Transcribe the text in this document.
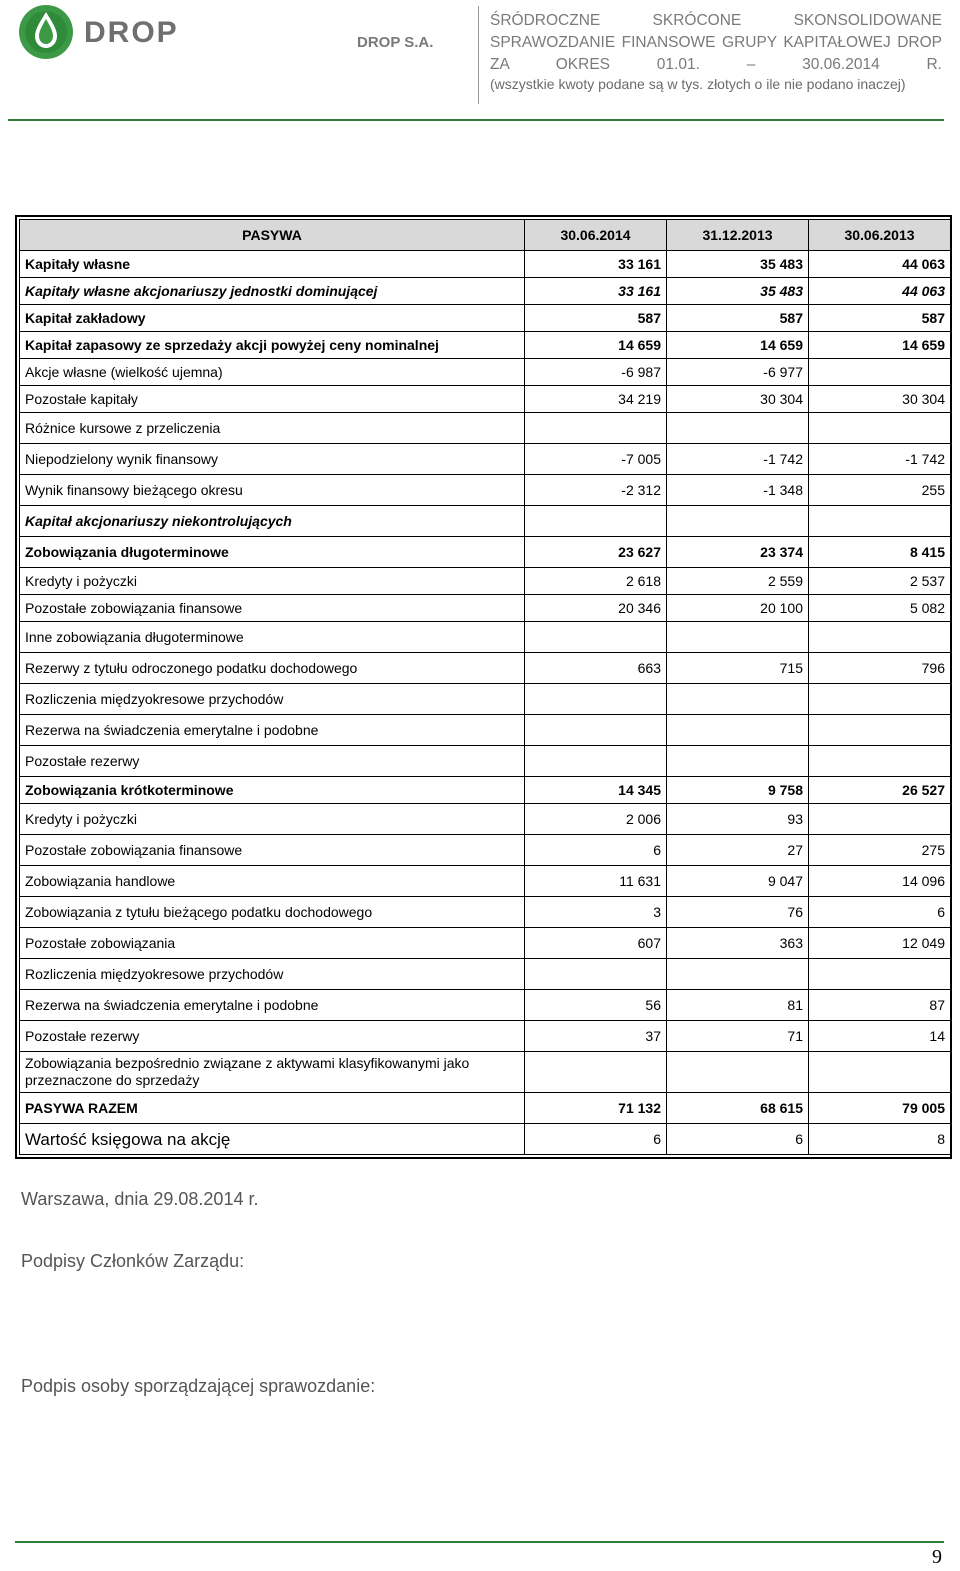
DROP	DROP S.A.
ŚRÓDROCZNE SKRÓCONE SKONSOLIDOWANE
SPRAWOZDANIE FINANSOWE GRUPY KAPITAŁOWEJ DROP
ZA OKRES 01.01. – 30.06.2014 R.
(wszystkie kwoty podane są w tys. złotych o ile nie podano inaczej)
PASYWA	30.06.2014	31.12.2013	30.06.2013
Kapitały własne	33 161	35 483	44 063
Kapitały własne akcjonariuszy jednostki dominującej	33 161	35 483	44 063
Kapitał zakładowy	587	587	587
Kapitał zapasowy ze sprzedaży akcji powyżej ceny nominalnej	14 659	14 659	14 659
Akcje własne (wielkość ujemna)	-6 987	-6 977	
Pozostałe kapitały	34 219	30 304	30 304
Różnice kursowe z przeliczenia			
Niepodzielony wynik finansowy	-7 005	-1 742	-1 742
Wynik finansowy bieżącego okresu	-2 312	-1 348	255
Kapitał akcjonariuszy niekontrolujących			
Zobowiązania długoterminowe	23 627	23 374	8 415
Kredyty i pożyczki	2 618	2 559	2 537
Pozostałe zobowiązania finansowe	20 346	20 100	5 082
Inne zobowiązania długoterminowe			
Rezerwy z tytułu odroczonego podatku dochodowego	663	715	796
Rozliczenia międzyokresowe przychodów			
Rezerwa na świadczenia emerytalne i podobne			
Pozostałe rezerwy			
Zobowiązania krótkoterminowe	14 345	9 758	26 527
Kredyty i pożyczki	2 006	93	
Pozostałe zobowiązania finansowe	6	27	275
Zobowiązania handlowe	11 631	9 047	14 096
Zobowiązania z tytułu bieżącego podatku dochodowego	3	76	6
Pozostałe zobowiązania	607	363	12 049
Rozliczenia międzyokresowe przychodów			
Rezerwa na świadczenia emerytalne i podobne	56	81	87
Pozostałe rezerwy	37	71	14
Zobowiązania bezpośrednio związane z aktywami klasyfikowanymi jako przeznaczone do sprzedaży			
PASYWA RAZEM	71 132	68 615	79 005
Wartość księgowa na akcję	6	6	8
Warszawa, dnia 29.08.2014 r.
Podpisy Członków Zarządu:
Podpis osoby sporządzającej sprawozdanie:
9
